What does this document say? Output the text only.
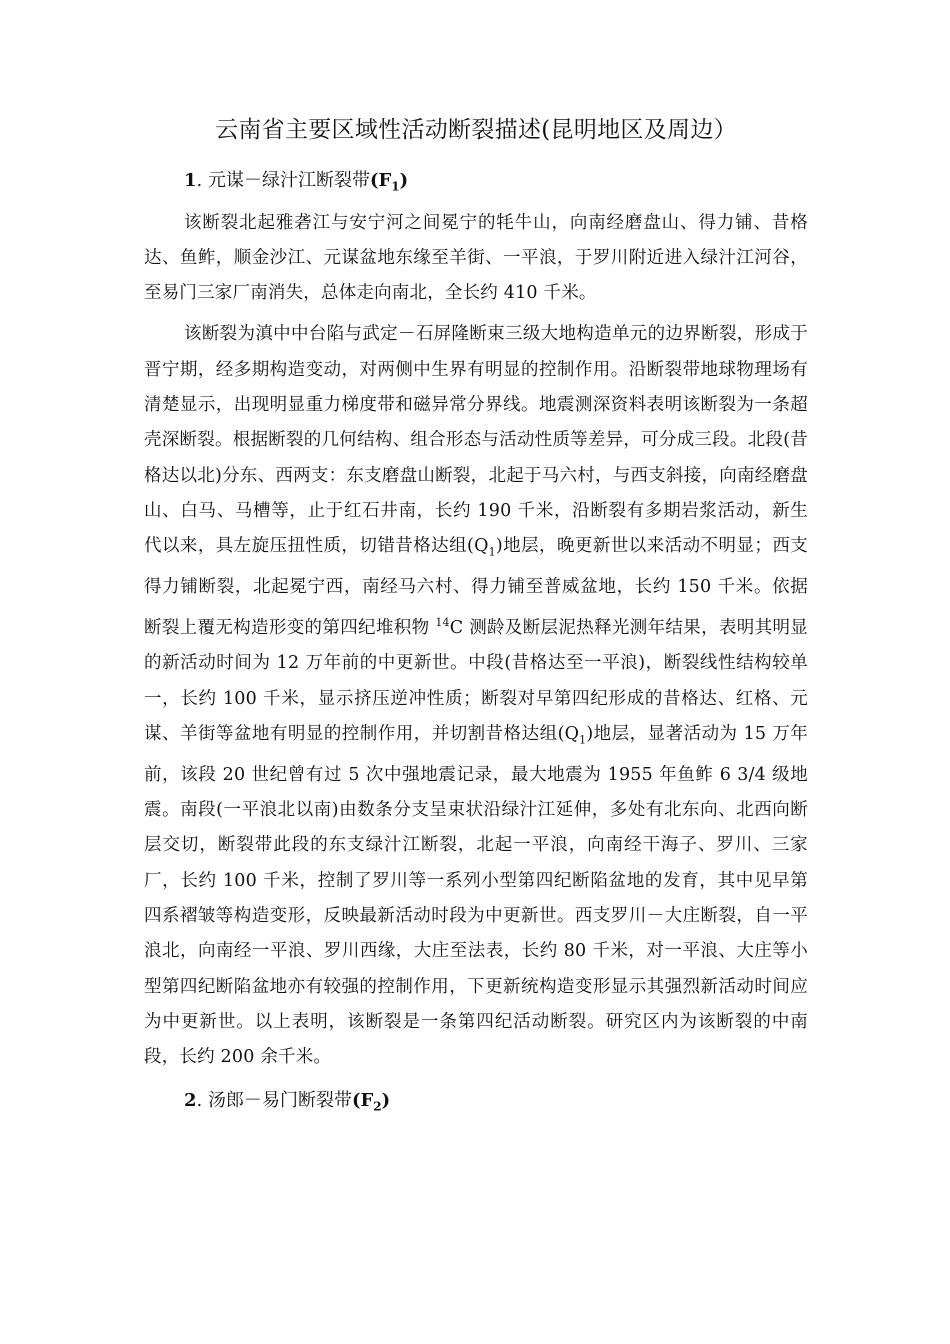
云南省主要区域性活动断裂描述(昆明地区及周边）

1. 元谋－绿汁江断裂带$(F_1)$

该断裂北起雅砻江与安宁河之间冕宁的牦牛山，向南经磨盘山、得力铺、昔格达、鱼鲊，顺金沙江、元谋盆地东缘至羊街、一平浪，于罗川附近进入绿汁江河谷，至易门三家厂南消失，总体走向南北，全长约 410 千米。

该断裂为滇中中台陷与武定－石屏隆断束三级大地构造单元的边界断裂，形成于晋宁期，经多期构造变动，对两侧中生界有明显的控制作用。沿断裂带地球物理场有清楚显示，出现明显重力梯度带和磁异常分界线。地震测深资料表明该断裂为一条超壳深断裂。根据断裂的几何结构、组合形态与活动性质等差异，可分成三段。北段(昔格达以北)分东、西两支：东支磨盘山断裂，北起于马六村，与西支斜接，向南经磨盘山、白马、马槽等，止于红石井南，长约 190 千米，沿断裂有多期岩浆活动，新生代以来，具左旋压扭性质，切错昔格达组$(Q_1)$地层，晚更新世以来活动不明显；西支得力铺断裂，北起冕宁西，南经马六村、得力铺至普威盆地，长约 150 千米。依据断裂上覆无构造形变的第四纪堆积物 $^{14}$C 测龄及断层泥热释光测年结果，表明其明显的新活动时间为 12 万年前的中更新世。中段(昔格达至一平浪)，断裂线性结构较单一，长约 100 千米，显示挤压逆冲性质；断裂对早第四纪形成的昔格达、红格、元谋、羊街等盆地有明显的控制作用，并切割昔格达组$(Q_1)$地层，显著活动为 15 万年前，该段 20 世纪曾有过 5 次中强地震记录，最大地震为 1955 年鱼鲊 6 3/4 级地震。南段(一平浪北以南)由数条分支呈束状沿绿汁江延伸，多处有北东向、北西向断层交切，断裂带此段的东支绿汁江断裂，北起一平浪，向南经干海子、罗川、三家厂，长约 100 千米，控制了罗川等一系列小型第四纪断陷盆地的发育，其中见早第四系褶皱等构造变形，反映最新活动时段为中更新世。西支罗川－大庄断裂，自一平浪北，向南经一平浪、罗川西缘，大庄至法表，长约 80 千米，对一平浪、大庄等小型第四纪断陷盆地亦有较强的控制作用，下更新统构造变形显示其强烈新活动时间应为中更新世。以上表明，该断裂是一条第四纪活动断裂。研究区内为该断裂的中南段，长约 200 余千米。

2. 汤郎－易门断裂带$(F_2)$
